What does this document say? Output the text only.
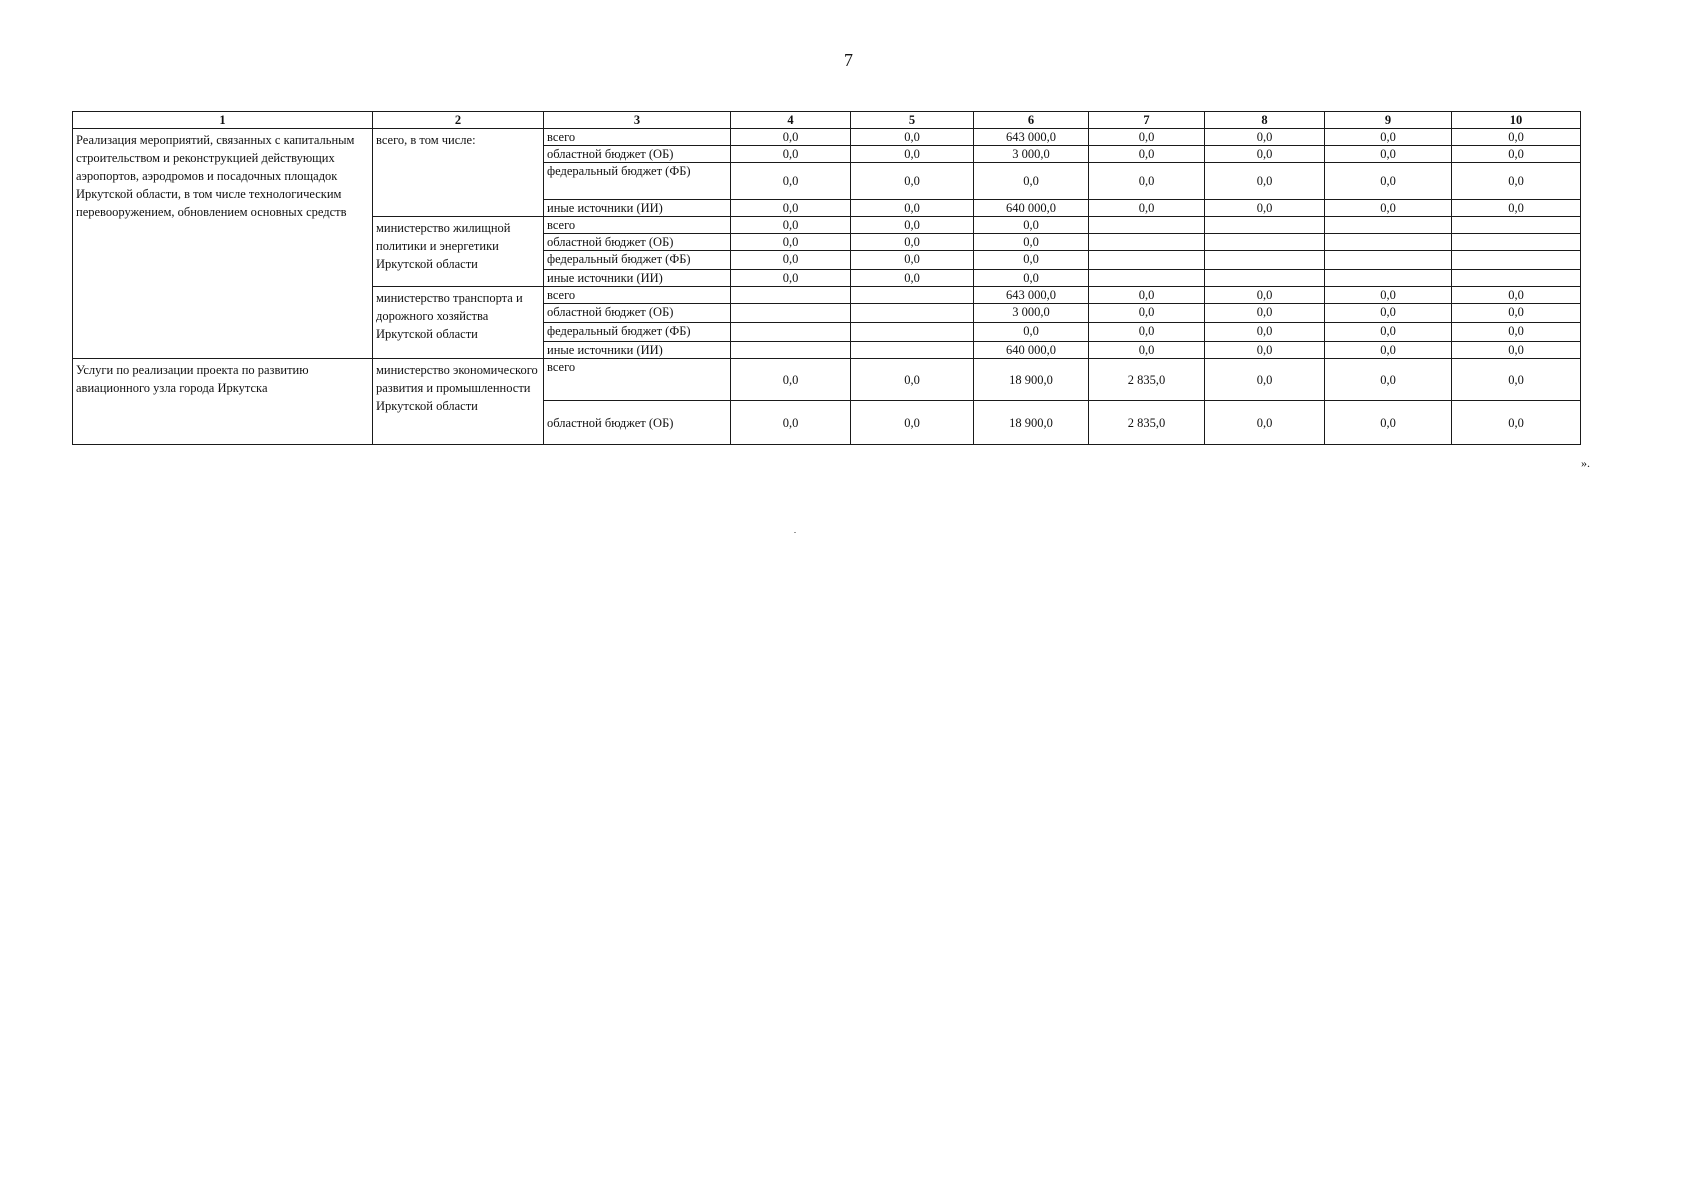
7
1	2	3	4	5	6	7	8	9	10
Реализация мероприятий, связанных с капитальным строительством и реконструкцией действующих аэропортов, аэродромов и посадочных площадок Иркутской области, в том числе технологическим перевооружением, обновлением основных средств	всего, в том числе:	всего	0,0	0,0	643 000,0	0,0	0,0	0,0	0,0
		областной бюджет (ОБ)	0,0	0,0	3 000,0	0,0	0,0	0,0	0,0
		федеральный бюджет (ФБ)	0,0	0,0	0,0	0,0	0,0	0,0	0,0
		иные источники (ИИ)	0,0	0,0	640 000,0	0,0	0,0	0,0	0,0
	министерство жилищной политики и энергетики Иркутской области	всего	0,0	0,0	0,0				
		областной бюджет (ОБ)	0,0	0,0	0,0				
		федеральный бюджет (ФБ)	0,0	0,0	0,0				
		иные источники (ИИ)	0,0	0,0	0,0				
	министерство транспорта и дорожного хозяйства Иркутской области	всего			643 000,0	0,0	0,0	0,0	0,0
		областной бюджет (ОБ)			3 000,0	0,0	0,0	0,0	0,0
		федеральный бюджет (ФБ)			0,0	0,0	0,0	0,0	0,0
		иные источники (ИИ)			640 000,0	0,0	0,0	0,0	0,0
Услуги по реализации проекта по развитию авиационного узла города Иркутска	министерство экономического развития и промышленности Иркутской области	всего	0,0	0,0	18 900,0	2 835,0	0,0	0,0	0,0
		областной бюджет (ОБ)	0,0	0,0	18 900,0	2 835,0	0,0	0,0	0,0
».
